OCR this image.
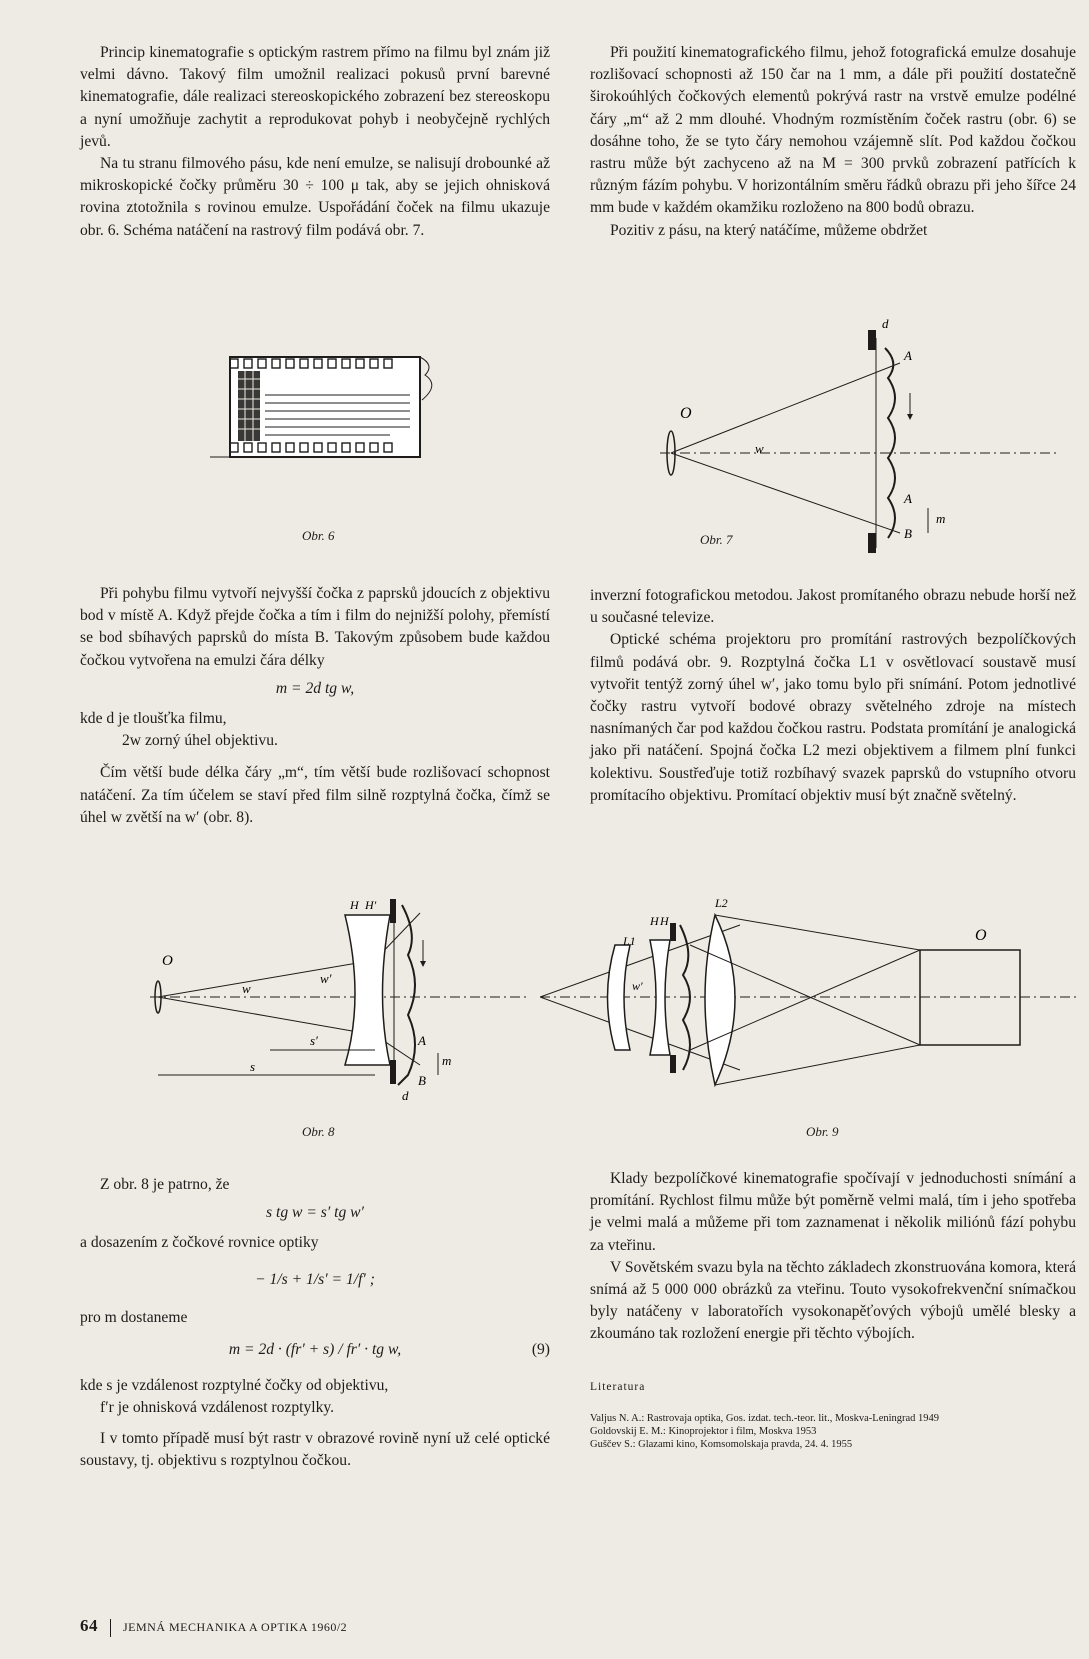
Princip kinematografie s optickým rastrem přímo na filmu byl znám již velmi dávno. Takový film umožnil realizaci pokusů první barevné kinematografie, dále realizaci stereoskopického zobrazení bez stereoskopu a nyní umožňuje zachytit a reprodukovat pohyb i neobyčejně rychlých jevů.

Na tu stranu filmového pásu, kde není emulze, se nalisují drobounké až mikroskopické čočky průměru 30 ÷ 100 μ tak, aby se jejich ohnisková rovina ztotožnila s rovinou emulze. Uspořádání čoček na filmu ukazuje obr. 6. Schéma natáčení na rastrový film podává obr. 7.

Obr. 6

Při pohybu filmu vytvoří nejvyšší čočka z paprsků jdoucích z objektivu bod v místě A. Když přejde čočka a tím i film do nejnižší polohy, přemístí se bod sbíhavých paprsků do místa B. Takovým způsobem bude každou čočkou vytvořena na emulzi čára délky

m = 2d tg w,

kde d je tloušťka filmu,

2w zorný úhel objektivu.

Čím větší bude délka čáry „m“, tím větší bude rozlišovací schopnost natáčení. Za tím účelem se staví před film silně rozptylná čočka, čímž se úhel w zvětší na w′ (obr. 8).

O
w
w′
H H′
A
B
d
m
s
s′
Obr. 8

Z obr. 8 je patrno, že

s tg w = s′ tg w′

a dosazením z čočkové rovnice optiky

− 1/s + 1/s′ = 1/f′ ;

pro m dostaneme

m = 2d · (fr′ + s) / fr′ · tg w,	(9)

kde s je vzdálenost rozptylné čočky od objektivu,

f′r je ohnisková vzdálenost rozptylky.

I v tomto případě musí být rastr v obrazové rovině nyní už celé optické soustavy, tj. objektivu s rozptylnou čočkou.

Při použití kinematografického filmu, jehož fotografická emulze dosahuje rozlišovací schopnosti až 150 čar na 1 mm, a dále při použití dostatečně širokoúhlých čočkových elementů pokrývá rastr na vrstvě emulze podélné čáry „m“ až 2 mm dlouhé. Vhodným rozmístěním čoček rastru (obr. 6) se dosáhne toho, že se tyto čáry nemohou vzájemně slít. Pod každou čočkou rastru může být zachyceno až na M = 300 prvků zobrazení patřících k různým fázím pohybu. V horizontálním směru řádků obrazu při jeho šířce 24 mm bude v každém okamžiku rozloženo na 800 bodů obrazu.

Pozitiv z pásu, na který natáčíme, můžeme obdržet

O
w
d
A
A
B
m
Obr. 7

inverzní fotografickou metodou. Jakost promítaného obrazu nebude horší než u současné televize.

Optické schéma projektoru pro promítání rastrových bezpolíčkových filmů podává obr. 9. Rozptylná čočka L1 v osvětlovací soustavě musí vytvořit tentýž zorný úhel w′, jako tomu bylo při snímání. Potom jednotlivé čočky rastru vytvoří bodové obrazy světelného zdroje na místech nasnímaných čar pod každou čočkou rastru. Podstata promítání je analogická jako při natáčení. Spojná čočka L2 mezi objektivem a filmem plní funkci kolektivu. Soustřeďuje totiž rozbíhavý svazek paprsků do vstupního otvoru promítacího objektivu. Promítací objektiv musí být značně světelný.

O
L2
L1
H H
w′
Obr. 9

Klady bezpolíčkové kinematografie spočívají v jednoduchosti snímání a promítání. Rychlost filmu může být poměrně velmi malá, tím i jeho spotřeba je velmi malá a můžeme při tom zaznamenat i několik miliónů fází pohybu za vteřinu.

V Sovětském svazu byla na těchto základech zkonstruována komora, která snímá až 5 000 000 obrázků za vteřinu. Touto vysokofrekvenční snímačkou byly natáčeny v laboratořích vysokonapěťových výbojů umělé blesky a zkoumáno tak rozložení energie při těchto výbojích.

Literatura
Valjus N. A.: Rastrovaja optika, Gos. izdat. tech.-teor. lit., Moskva-Leningrad 1949
Goldovskij E. M.: Kinoprojektor i film, Moskva 1953
Guščev S.: Glazami kino, Komsomolskaja pravda, 24. 4. 1955
64 JEMNÁ MECHANIKA A OPTIKA 1960/2
